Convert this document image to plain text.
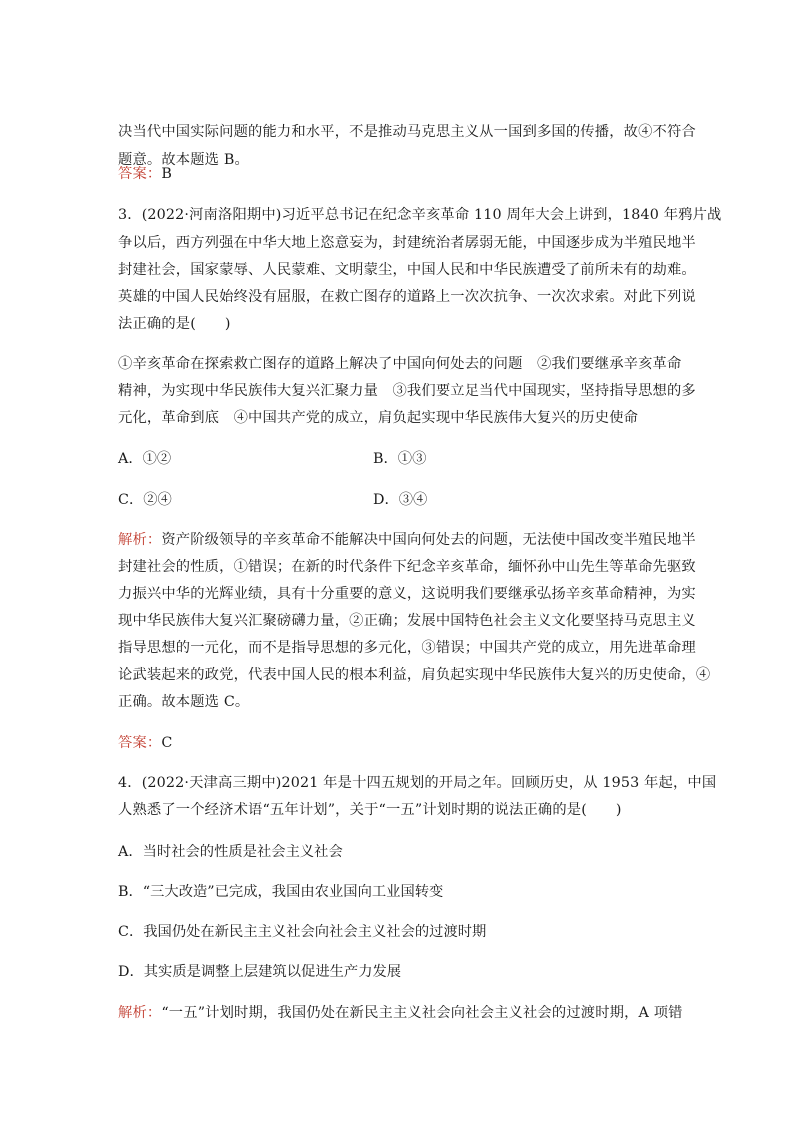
决当代中国实际问题的能力和水平，不是推动马克思主义从一国到多国的传播，故④不符合
题意。故本题选 B。
答案：B
3．(2022·河南洛阳期中)习近平总书记在纪念辛亥革命 110 周年大会上讲到，1840 年鸦片战
争以后，西方列强在中华大地上恣意妄为，封建统治者孱弱无能，中国逐步成为半殖民地半
封建社会，国家蒙辱、人民蒙难、文明蒙尘，中国人民和中华民族遭受了前所未有的劫难。
英雄的中国人民始终没有屈服，在救亡图存的道路上一次次抗争、一次次求索。对此下列说
法正确的是(　　)
①辛亥革命在探索救亡图存的道路上解决了中国向何处去的问题　②我们要继承辛亥革命
精神，为实现中华民族伟大复兴汇聚力量　③我们要立足当代中国现实，坚持指导思想的多
元化，革命到底　④中国共产党的成立，肩负起实现中华民族伟大复兴的历史使命
A．①②	B．①③
C．②④	D．③④
解析：资产阶级领导的辛亥革命不能解决中国向何处去的问题，无法使中国改变半殖民地半
封建社会的性质，①错误；在新的时代条件下纪念辛亥革命，缅怀孙中山先生等革命先驱致
力振兴中华的光辉业绩，具有十分重要的意义，这说明我们要继承弘扬辛亥革命精神，为实
现中华民族伟大复兴汇聚磅礴力量，②正确；发展中国特色社会主义文化要坚持马克思主义
指导思想的一元化，而不是指导思想的多元化，③错误；中国共产党的成立，用先进革命理
论武装起来的政党，代表中国人民的根本利益，肩负起实现中华民族伟大复兴的历史使命，④
正确。故本题选 C。
答案：C
4．(2022·天津高三期中)2021 年是十四五规划的开局之年。回顾历史，从 1953 年起，中国
人熟悉了一个经济术语“五年计划”，关于“一五”计划时期的说法正确的是(　　)
A．当时社会的性质是社会主义社会
B．“三大改造”已完成，我国由农业国向工业国转变
C．我国仍处在新民主主义社会向社会主义社会的过渡时期
D．其实质是调整上层建筑以促进生产力发展
解析：“一五”计划时期，我国仍处在新民主主义社会向社会主义社会的过渡时期，A 项错
